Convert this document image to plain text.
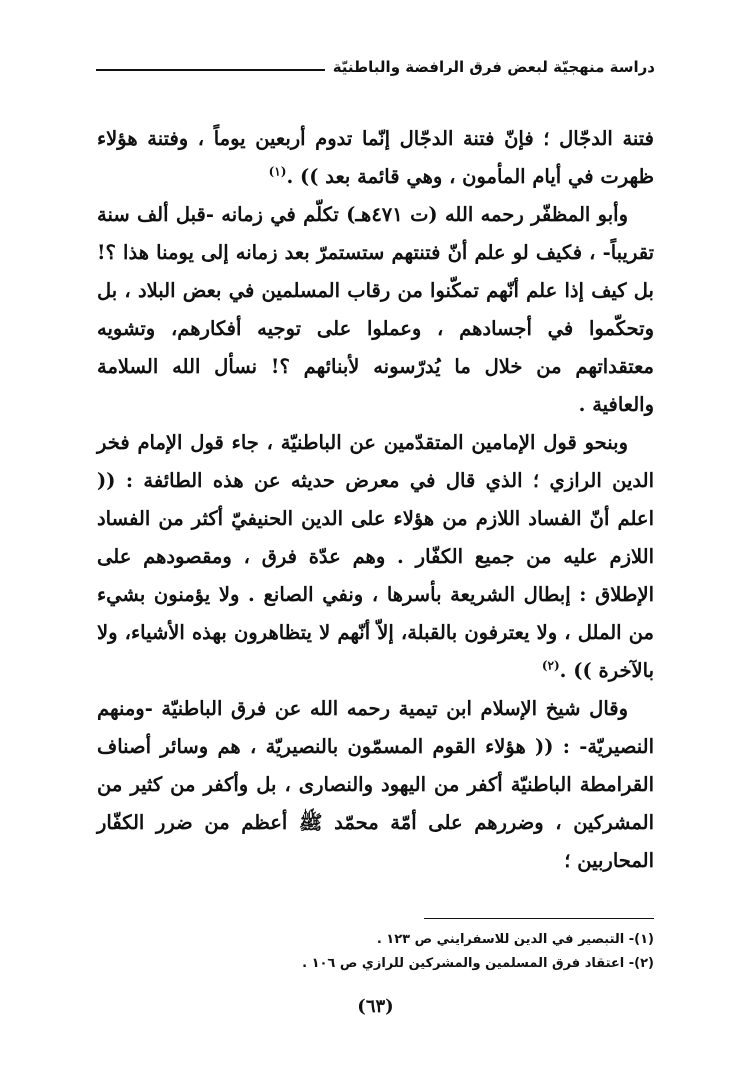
دراسة منهجيّة لبعض فرق الرافضة والباطنيّة

فتنة الدجّال ؛ فإنّ فتنة الدجّال إنّما تدوم أربعين يوماً ، وفتنة هؤلاء ظهرت في أيام المأمون ، وهي قائمة بعد )) .$^{(١)}$

وأبو المظفّر رحمه الله (ت ٤٧١هـ) تكلّم في زمانه -قبل ألف سنة تقريباً- ، فكيف لو علم أنّ فتنتهم ستستمرّ بعد زمانه إلى يومنا هذا ؟! بل كيف إذا علم أنّهم تمكّنوا من رقاب المسلمين في بعض البلاد ، بل وتحكّموا في أجسادهم ، وعملوا على توجيه أفكارهم، وتشويه معتقداتهم من خلال ما يُدرّسونه لأبنائهم ؟! نسأل الله السلامة والعافية .

وبنحو قول الإمامين المتقدّمين عن الباطنيّة ، جاء قول الإمام فخر الدين الرازي ؛ الذي قال في معرض حديثه عن هذه الطائفة : (( اعلم أنّ الفساد اللازم من هؤلاء على الدين الحنيفيّ أكثر من الفساد اللازم عليه من جميع الكفّار . وهم عدّة فرق ، ومقصودهم على الإطلاق : إبطال الشريعة بأسرها ، ونفي الصانع . ولا يؤمنون بشيء من الملل ، ولا يعترفون بالقبلة، إلاّ أنّهم لا يتظاهرون بهذه الأشياء، ولا بالآخرة )) .$^{(٢)}$

وقال شيخ الإسلام ابن تيمية رحمه الله عن فرق الباطنيّة -ومنهم النصيريّة- : (( هؤلاء القوم المسمّون بالنصيريّة ، هم وسائر أصناف القرامطة الباطنيّة أكفر من اليهود والنصارى ، بل وأكفر من كثير من المشركين ، وضررهم على أمّة محمّد ﷺ أعظم من ضرر الكفّار المحاربين ؛

(١)- التبصير في الدين للاسفرايني ص ١٢٣ .
(٢)- اعتقاد فرق المسلمين والمشركين للرازي ص ١٠٦ .
(٦٣)
